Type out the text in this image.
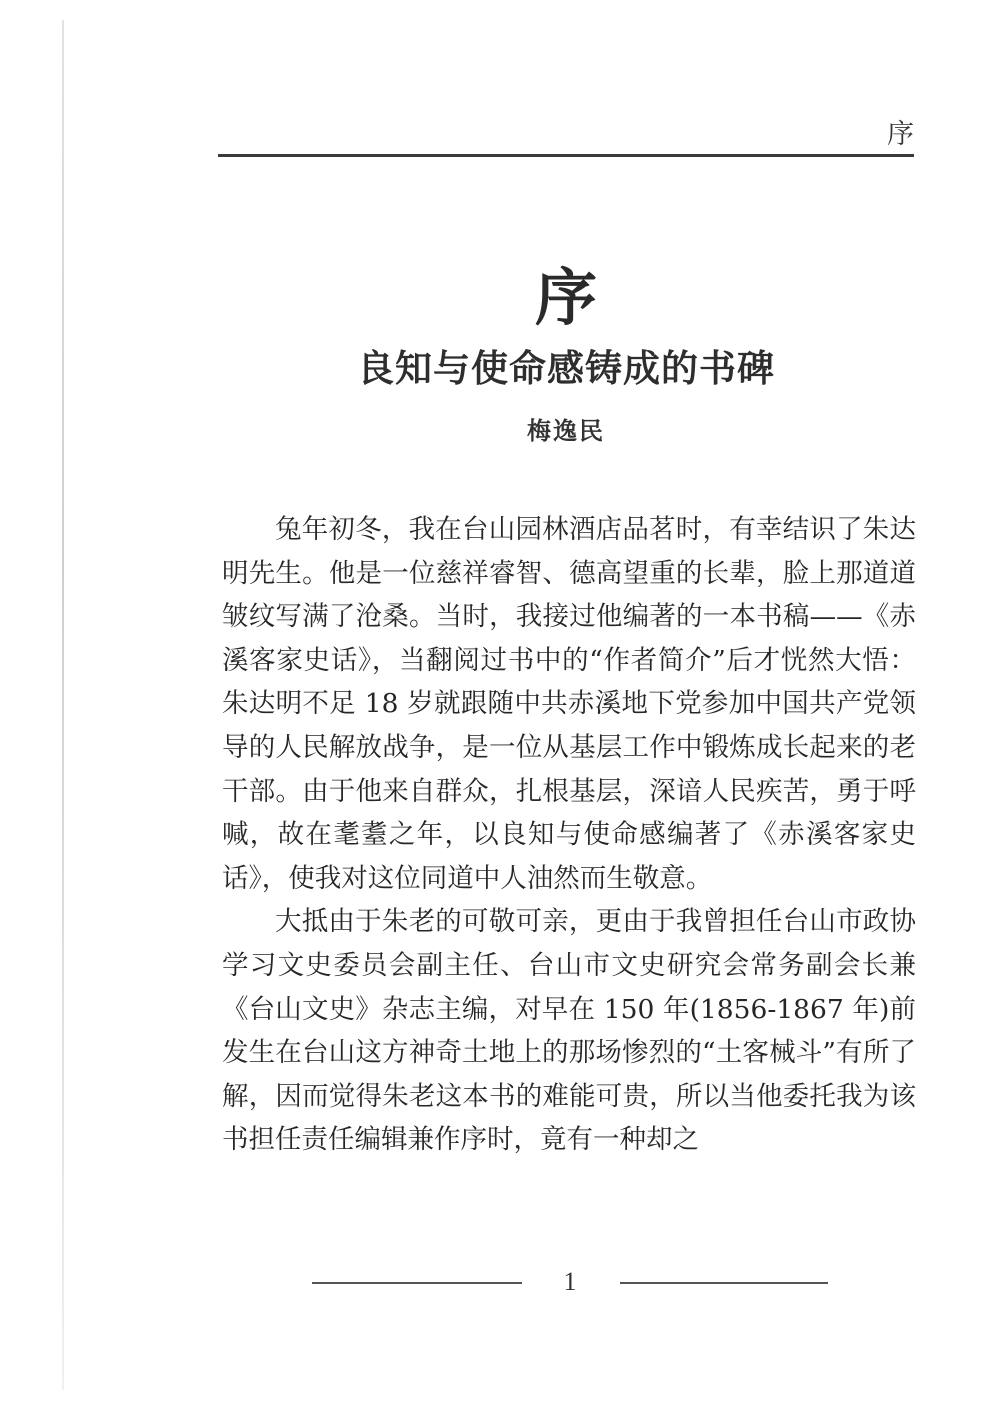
序
序
良知与使命感铸成的书碑
梅逸民

兔年初冬，我在台山园林酒店品茗时，有幸结识了朱达明先生。他是一位慈祥睿智、德高望重的长辈，脸上那道道皱纹写满了沧桑。当时，我接过他编著的一本书稿——《赤溪客家史话》，当翻阅过书中的“作者简介”后才恍然大悟：朱达明不足 18 岁就跟随中共赤溪地下党参加中国共产党领导的人民解放战争，是一位从基层工作中锻炼成长起来的老干部。由于他来自群众，扎根基层，深谙人民疾苦，勇于呼喊，故在耄耋之年，以良知与使命感编著了《赤溪客家史话》，使我对这位同道中人油然而生敬意。

大抵由于朱老的可敬可亲，更由于我曾担任台山市政协学习文史委员会副主任、台山市文史研究会常务副会长兼《台山文史》杂志主编，对早在 150 年(1856-1867 年)前发生在台山这方神奇土地上的那场惨烈的“土客械斗”有所了解，因而觉得朱老这本书的难能可贵，所以当他委托我为该书担任责任编辑兼作序时，竟有一种却之

1
